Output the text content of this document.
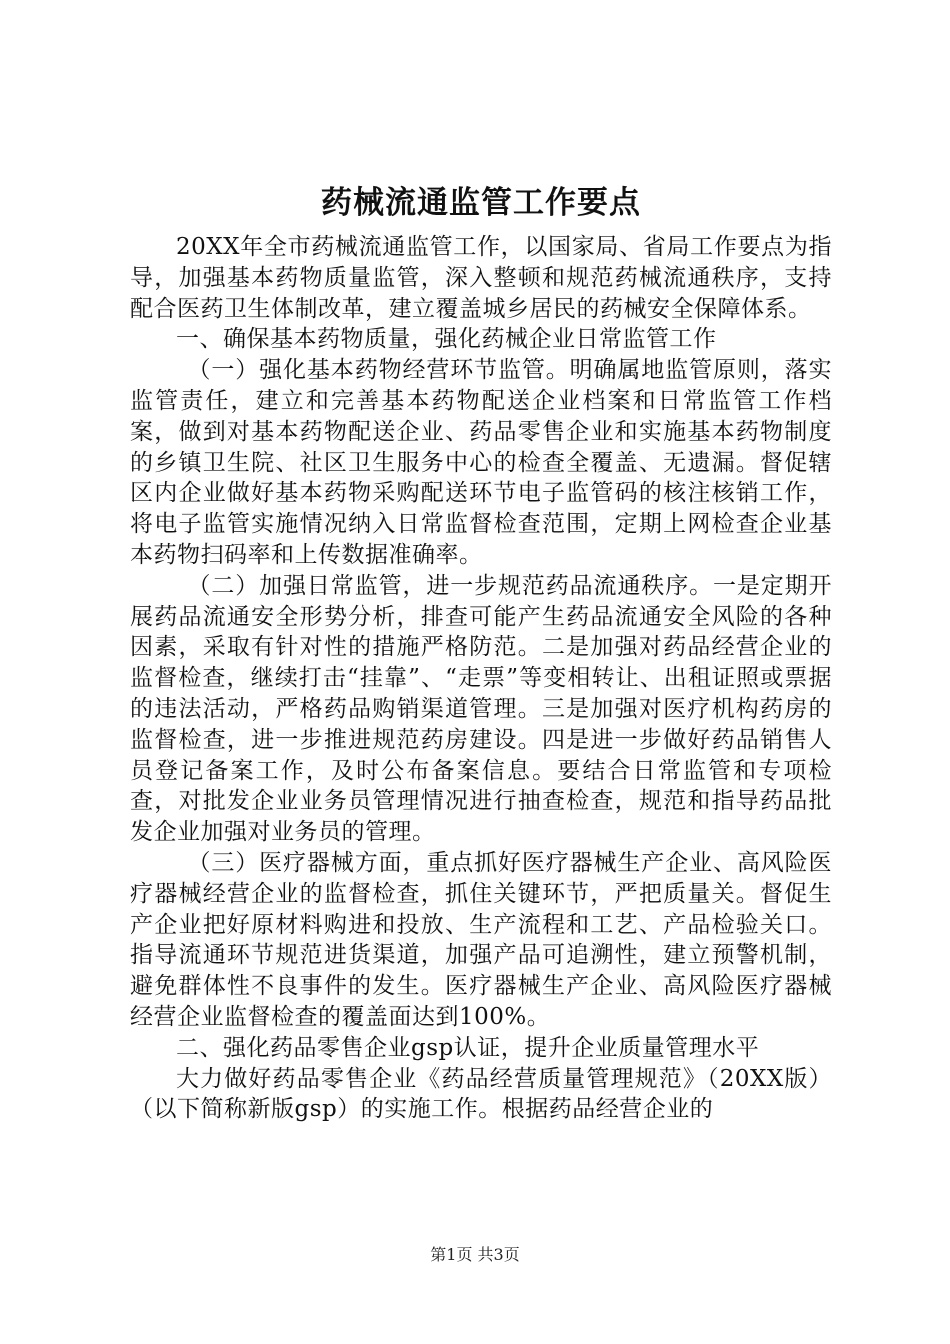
药械流通监管工作要点

20XX年全市药械流通监管工作，以国家局、省局工作要点为指导，加强基本药物质量监管，深入整顿和规范药械流通秩序，支持配合医药卫生体制改革，建立覆盖城乡居民的药械安全保障体系。

一、确保基本药物质量，强化药械企业日常监管工作

（一）强化基本药物经营环节监管。明确属地监管原则，落实监管责任，建立和完善基本药物配送企业档案和日常监管工作档案，做到对基本药物配送企业、药品零售企业和实施基本药物制度的乡镇卫生院、社区卫生服务中心的检查全覆盖、无遗漏。督促辖区内企业做好基本药物采购配送环节电子监管码的核注核销工作，将电子监管实施情况纳入日常监督检查范围，定期上网检查企业基本药物扫码率和上传数据准确率。

（二）加强日常监管，进一步规范药品流通秩序。一是定期开展药品流通安全形势分析，排查可能产生药品流通安全风险的各种因素，采取有针对性的措施严格防范。二是加强对药品经营企业的监督检查，继续打击“挂靠”、“走票”等变相转让、出租证照或票据的违法活动，严格药品购销渠道管理。三是加强对医疗机构药房的监督检查，进一步推进规范药房建设。四是进一步做好药品销售人员登记备案工作，及时公布备案信息。要结合日常监管和专项检查，对批发企业业务员管理情况进行抽查检查，规范和指导药品批发企业加强对业务员的管理。

（三）医疗器械方面，重点抓好医疗器械生产企业、高风险医疗器械经营企业的监督检查，抓住关键环节，严把质量关。督促生产企业把好原材料购进和投放、生产流程和工艺、产品检验关口。指导流通环节规范进货渠道，加强产品可追溯性，建立预警机制，避免群体性不良事件的发生。医疗器械生产企业、高风险医疗器械经营企业监督检查的覆盖面达到100%。

二、强化药品零售企业gsp认证，提升企业质量管理水平

大力做好药品零售企业《药品经营质量管理规范》（20XX版）（以下简称新版gsp）的实施工作。根据药品经营企业的

第1页 共3页
